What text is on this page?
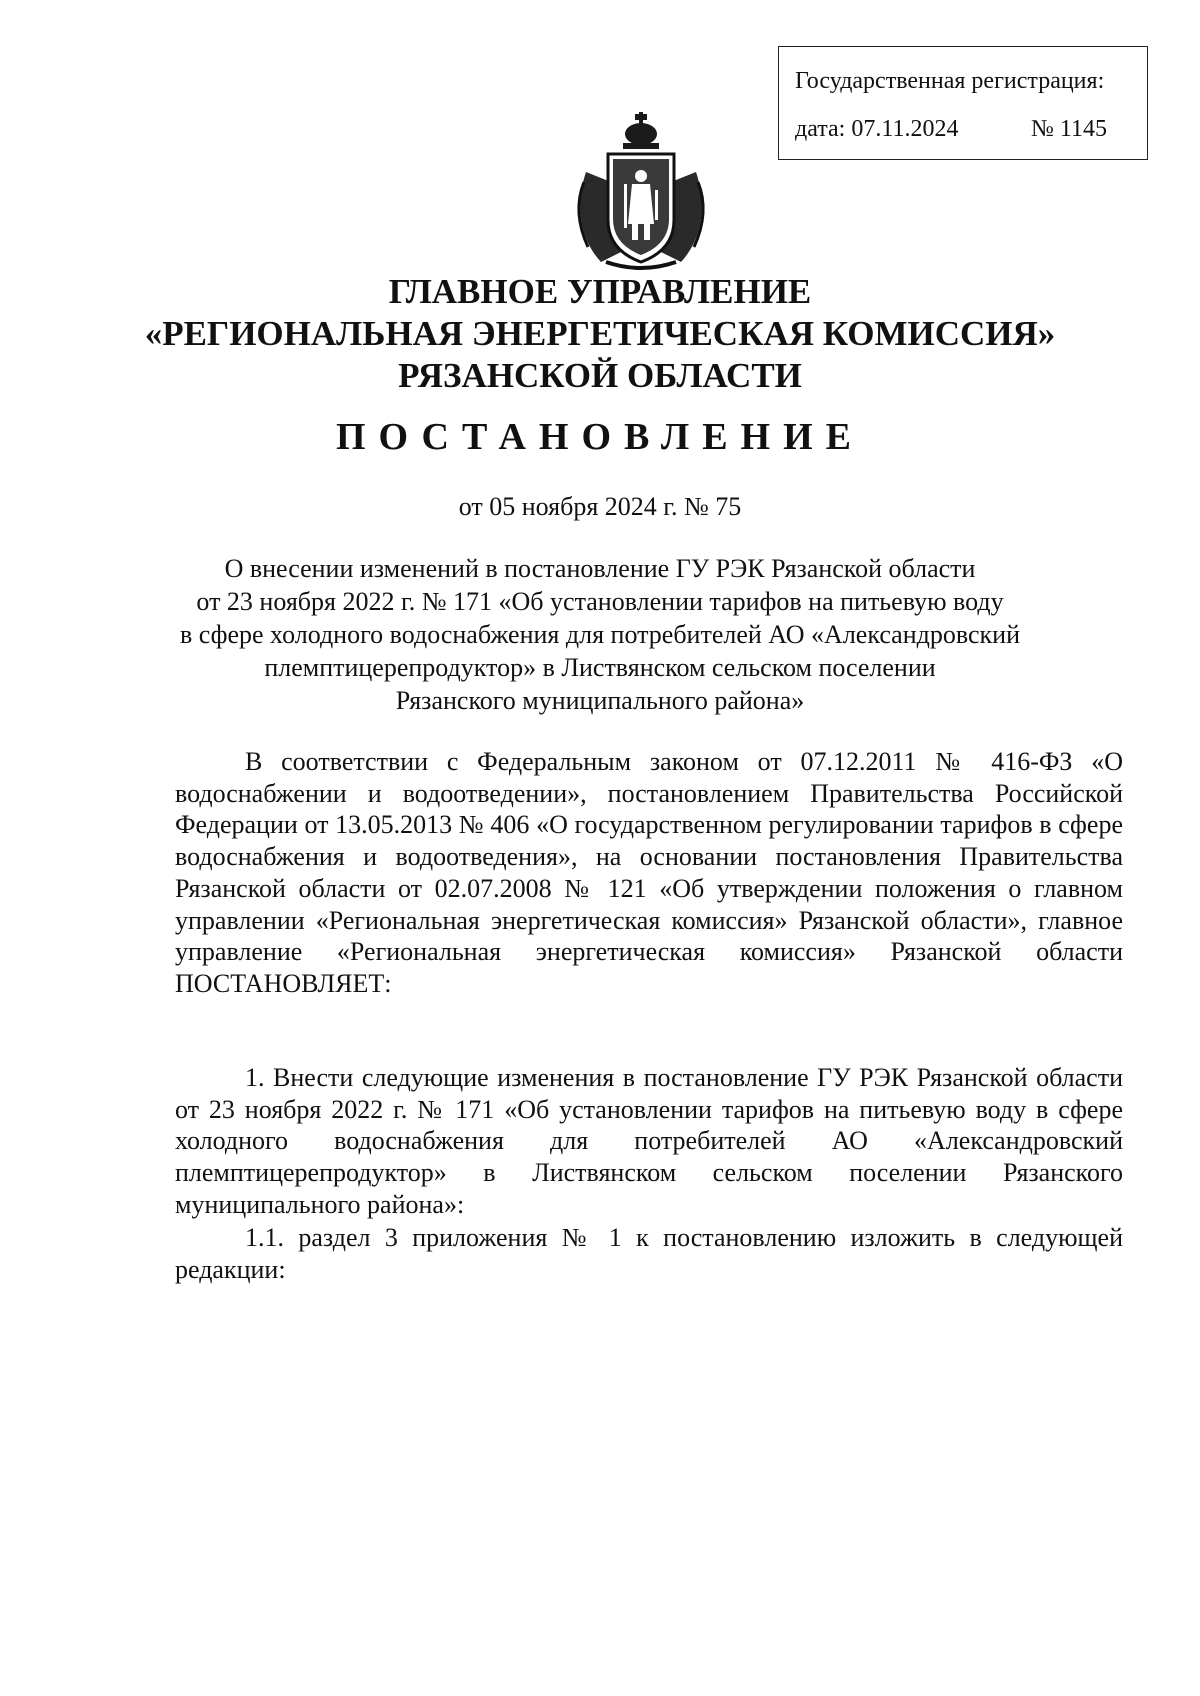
Государственная регистрация:
дата: 07.11.2024	№ 1145
ГЛАВНОЕ УПРАВЛЕНИЕ
«РЕГИОНАЛЬНАЯ ЭНЕРГЕТИЧЕСКАЯ КОМИССИЯ»
РЯЗАНСКОЙ ОБЛАСТИ
ПОСТАНОВЛЕНИЕ
от 05 ноября 2024 г. № 75
О внесении изменений в постановление ГУ РЭК Рязанской области
от 23 ноября 2022 г. № 171 «Об установлении тарифов на питьевую воду
в сфере холодного водоснабжения для потребителей АО «Александровский
племптицерепродуктор» в Листвянском сельском поселении
Рязанского муниципального района»

В соответствии с Федеральным законом от 07.12.2011 № 416-ФЗ «О водоснабжении и водоотведении», постановлением Правительства Российской Федерации от 13.05.2013 № 406 «О государственном регулировании тарифов в сфере водоснабжения и водоотведения», на основании постановления Правительства Рязанской области от 02.07.2008 № 121 «Об утверждении положения о главном управлении «Региональная энергетическая комиссия» Рязанской области», главное управление «Региональная энергетическая комиссия» Рязанской области ПОСТАНОВЛЯЕТ:

1. Внести следующие изменения в постановление ГУ РЭК Рязанской области от 23 ноября 2022 г. № 171 «Об установлении тарифов на питьевую воду в сфере холодного водоснабжения для потребителей АО «Александровский племптицерепродуктор» в Листвянском сельском поселении Рязанского муниципального района»:

1.1. раздел 3 приложения № 1 к постановлению изложить в следующей редакции:
